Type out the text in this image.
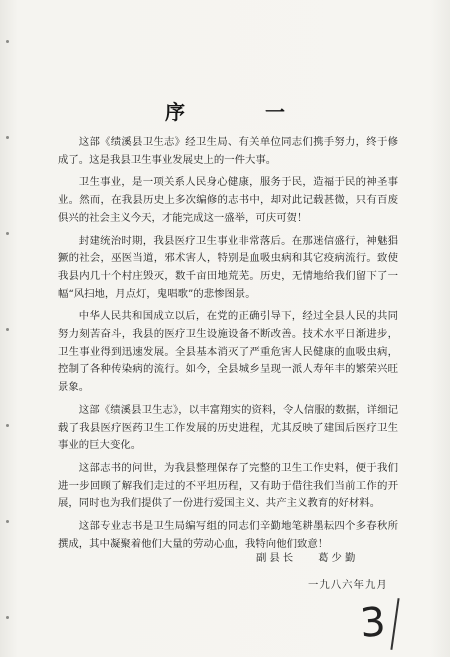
序　一

这部《绩溪县卫生志》经卫生局、有关单位同志们携手努力，终于修成了。这是我县卫生事业发展史上的一件大事。

卫生事业，是一项关系人民身心健康，服务于民，造福于民的神圣事业。然而，在我县历史上多次编修的志书中，却对此记载甚微，只有百废俱兴的社会主义今天，才能完成这一盛举，可庆可贺！

封建统治时期，我县医疗卫生事业非常落后。在那迷信盛行，神魅猖獗的社会，巫医当道，邪术害人，特别是血吸虫病和其它疫病流行。致使我县内几十个村庄毁灭，数千亩田地荒芜。历史，无情地给我们留下了一幅“风扫地，月点灯，鬼唱歌”的悲惨图景。

中华人民共和国成立以后，在党的正确引导下，经过全县人民的共同努力刻苦奋斗，我县的医疗卫生设施设备不断改善。技术水平日渐进步，卫生事业得到迅速发展。全县基本消灭了严重危害人民健康的血吸虫病，控制了各种传染病的流行。如今，全县城乡呈现一派人寿年丰的繁荣兴旺景象。

这部《绩溪县卫生志》，以丰富翔实的资料，令人信服的数据，详细记载了我县医疗医药卫生工作发展的历史进程，尤其反映了建国后医疗卫生事业的巨大变化。

这部志书的问世，为我县整理保存了完整的卫生工作史料，便于我们进一步回顾了解我们走过的不平坦历程，又有助于借往我们当前工作的开展，同时也为我们提供了一份进行爱国主义、共产主义教育的好材料。

这部专业志书是卫生局编写组的同志们辛勤地笔耕墨耘四个多春秋所撰成，其中凝聚着他们大量的劳动心血，我特向他们致意！

副县长 葛少勤
一九八六年九月
3
